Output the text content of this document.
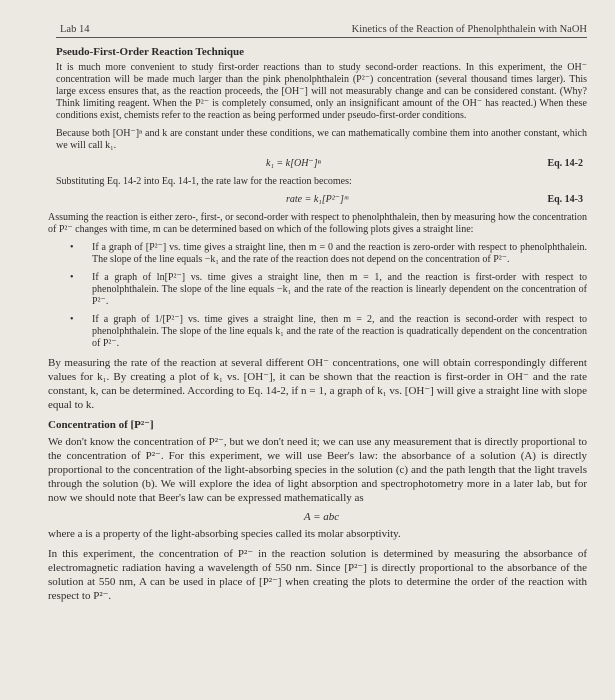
Lab 14	Kinetics of the Reaction of Phenolphthalein with NaOH
Pseudo-First-Order Reaction Technique

It is much more convenient to study first-order reactions than to study second-order reactions. In this experiment, the OH⁻ concentration will be made much larger than the pink phenolphthalein (P²⁻) concentration (several thousand times larger). This large excess ensures that, as the reaction proceeds, the [OH⁻] will not measurably change and can be considered constant. (Why? Think limiting reagent. When the P²⁻ is completely consumed, only an insignificant amount of the OH⁻ has reacted.) When these conditions exist, chemists refer to the reaction as being performed under pseudo-first-order conditions.

Because both [OH⁻]ⁿ and k are constant under these conditions, we can mathematically combine them into another constant, which we will call k₁.

k₁ = k[OH⁻]ⁿ	Eq. 14-2

Substituting Eq. 14-2 into Eq. 14-1, the rate law for the reaction becomes:

rate = k₁[P²⁻]ᵐ	Eq. 14-3

Assuming the reaction is either zero-, first-, or second-order with respect to phenolphthalein, then by measuring how the concentration of P²⁻ changes with time, m can be determined based on which of the following plots gives a straight line:

• If a graph of [P²⁻] vs. time gives a straight line, then m = 0 and the reaction is zero-order with respect to phenolphthalein. The slope of the line equals −k₁ and the rate of the reaction does not depend on the concentration of P²⁻.
• If a graph of ln[P²⁻] vs. time gives a straight line, then m = 1, and the reaction is first-order with respect to phenolphthalein. The slope of the line equals −k₁ and the rate of the reaction is linearly dependent on the concentration of P²⁻.
• If a graph of 1/[P²⁻] vs. time gives a straight line, then m = 2, and the reaction is second-order with respect to phenolphthalein. The slope of the line equals k₁ and the rate of the reaction is quadratically dependent on the concentration of P²⁻.

By measuring the rate of the reaction at several different OH⁻ concentrations, one will obtain correspondingly different values for k₁. By creating a plot of k₁ vs. [OH⁻], it can be shown that the reaction is first-order in OH⁻ and the rate constant, k, can be determined. According to Eq. 14-2, if n = 1, a graph of k₁ vs. [OH⁻] will give a straight line with slope equal to k.

Concentration of [P²⁻]

We don't know the concentration of P²⁻, but we don't need it; we can use any measurement that is directly proportional to the concentration of P²⁻. For this experiment, we will use Beer's law: the absorbance of a solution (A) is directly proportional to the concentration of the light-absorbing species in the solution (c) and the path length that the light travels through the solution (b). We will explore the idea of light absorption and spectrophotometry more in a later lab, but for now we should note that Beer's law can be expressed mathematically as

A = abc

where a is a property of the light-absorbing species called its molar absorptivity.

In this experiment, the concentration of P²⁻ in the reaction solution is determined by measuring the absorbance of electromagnetic radiation having a wavelength of 550 nm. Since [P²⁻] is directly proportional to the absorbance of the solution at 550 nm, A can be used in place of [P²⁻] when creating the plots to determine the order of the reaction with respect to P²⁻.
